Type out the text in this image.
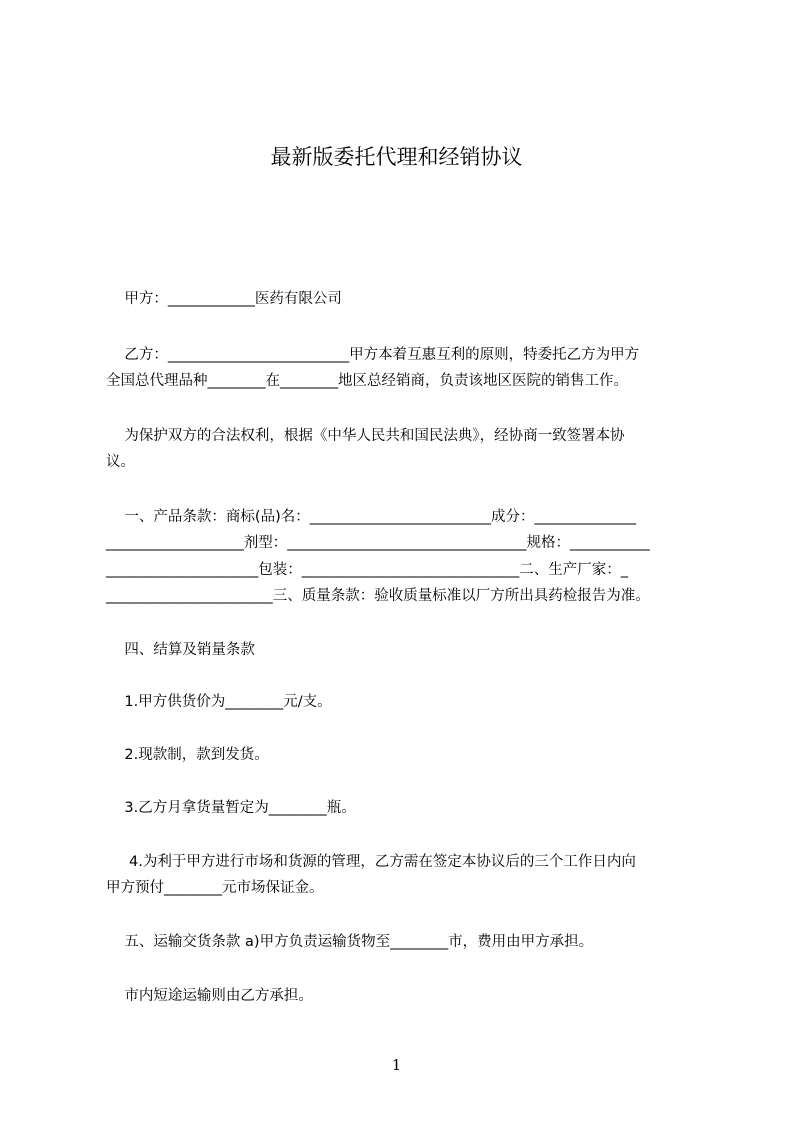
最新版委托代理和经销协议
甲方：____________医药有限公司
乙方：_________________________甲方本着互惠互利的原则，特委托乙方为甲方
全国总代理品种________在________地区总经销商，负责该地区医院的销售工作。
为保护双方的合法权利，根据《中华人民共和国民法典》，经协商一致签署本协
议。
一、产品条款：商标(品)名：_________________________成分：______________
___________________剂型：_________________________________规格：___________
_____________________包装：______________________________二、生产厂家：_
_______________________三、质量条款：验收质量标准以厂方所出具药检报告为准。
四、结算及销量条款
1.甲方供货价为________元/支。
2.现款制，款到发货。
3.乙方月拿货量暂定为________瓶。
4.为利于甲方进行市场和货源的管理，乙方需在签定本协议后的三个工作日内向
甲方预付________元市场保证金。
五、运输交货条款 a)甲方负责运输货物至________市，费用由甲方承担。
市内短途运输则由乙方承担。
1
